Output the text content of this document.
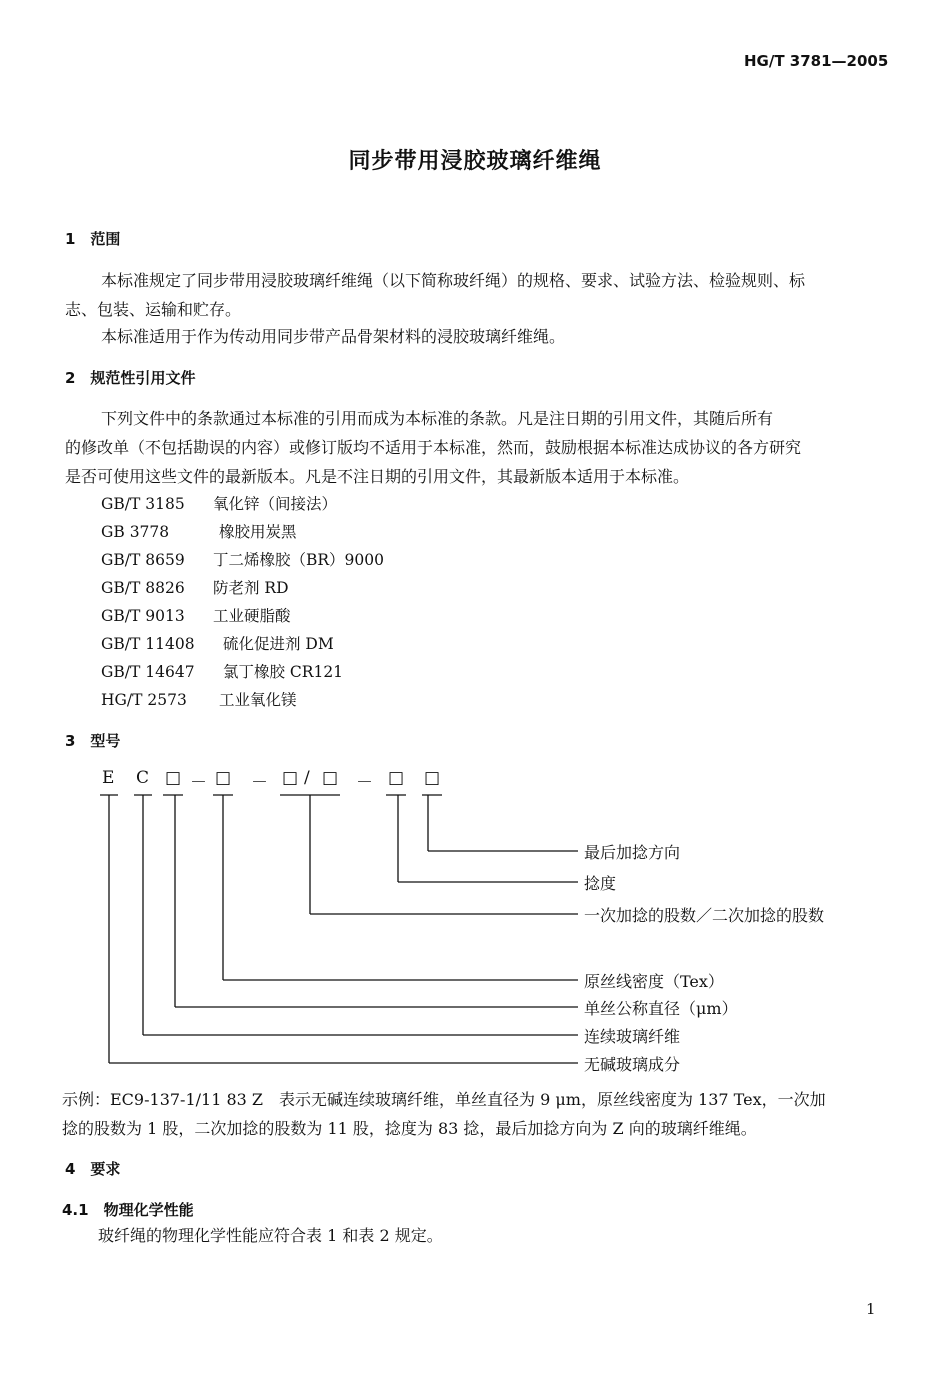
HG/T 3781—2005
同步带用浸胶玻璃纤维绳
1　范围
本标准规定了同步带用浸胶玻璃纤维绳（以下简称玻纤绳）的规格、要求、试验方法、检验规则、标
志、包装、运输和贮存。
本标准适用于作为传动用同步带产品骨架材料的浸胶玻璃纤维绳。
2　规范性引用文件
下列文件中的条款通过本标准的引用而成为本标准的条款。凡是注日期的引用文件，其随后所有
的修改单（不包括勘误的内容）或修订版均不适用于本标准，然而，鼓励根据本标准达成协议的各方研究
是否可使用这些文件的最新版本。凡是不注日期的引用文件，其最新版本适用于本标准。
GB/T 3185 氧化锌（间接法）
GB 3778	橡胶用炭黑
GB/T 8659 丁二烯橡胶（BR）9000
GB/T 8826 防老剂 RD
GB/T 9013 工业硬脂酸
GB/T 11408 硫化促进剂 DM
GB/T 14647 氯丁橡胶 CR121
HG/T 2573 工业氧化镁
3　型号
E C □ － □ － □ / □ － □ □
最后加捻方向
捻度
一次加捻的股数／二次加捻的股数
原丝线密度（Tex）
单丝公称直径（μm）
连续玻璃纤维
无碱玻璃成分
示例：EC9-137-1/11 83 Z　表示无碱连续玻璃纤维，单丝直径为 9 μm，原丝线密度为 137 Tex，一次加
捻的股数为 1 股，二次加捻的股数为 11 股，捻度为 83 捻，最后加捻方向为 Z 向的玻璃纤维绳。
4　要求
4.1　物理化学性能
玻纤绳的物理化学性能应符合表 1 和表 2 规定。
1
